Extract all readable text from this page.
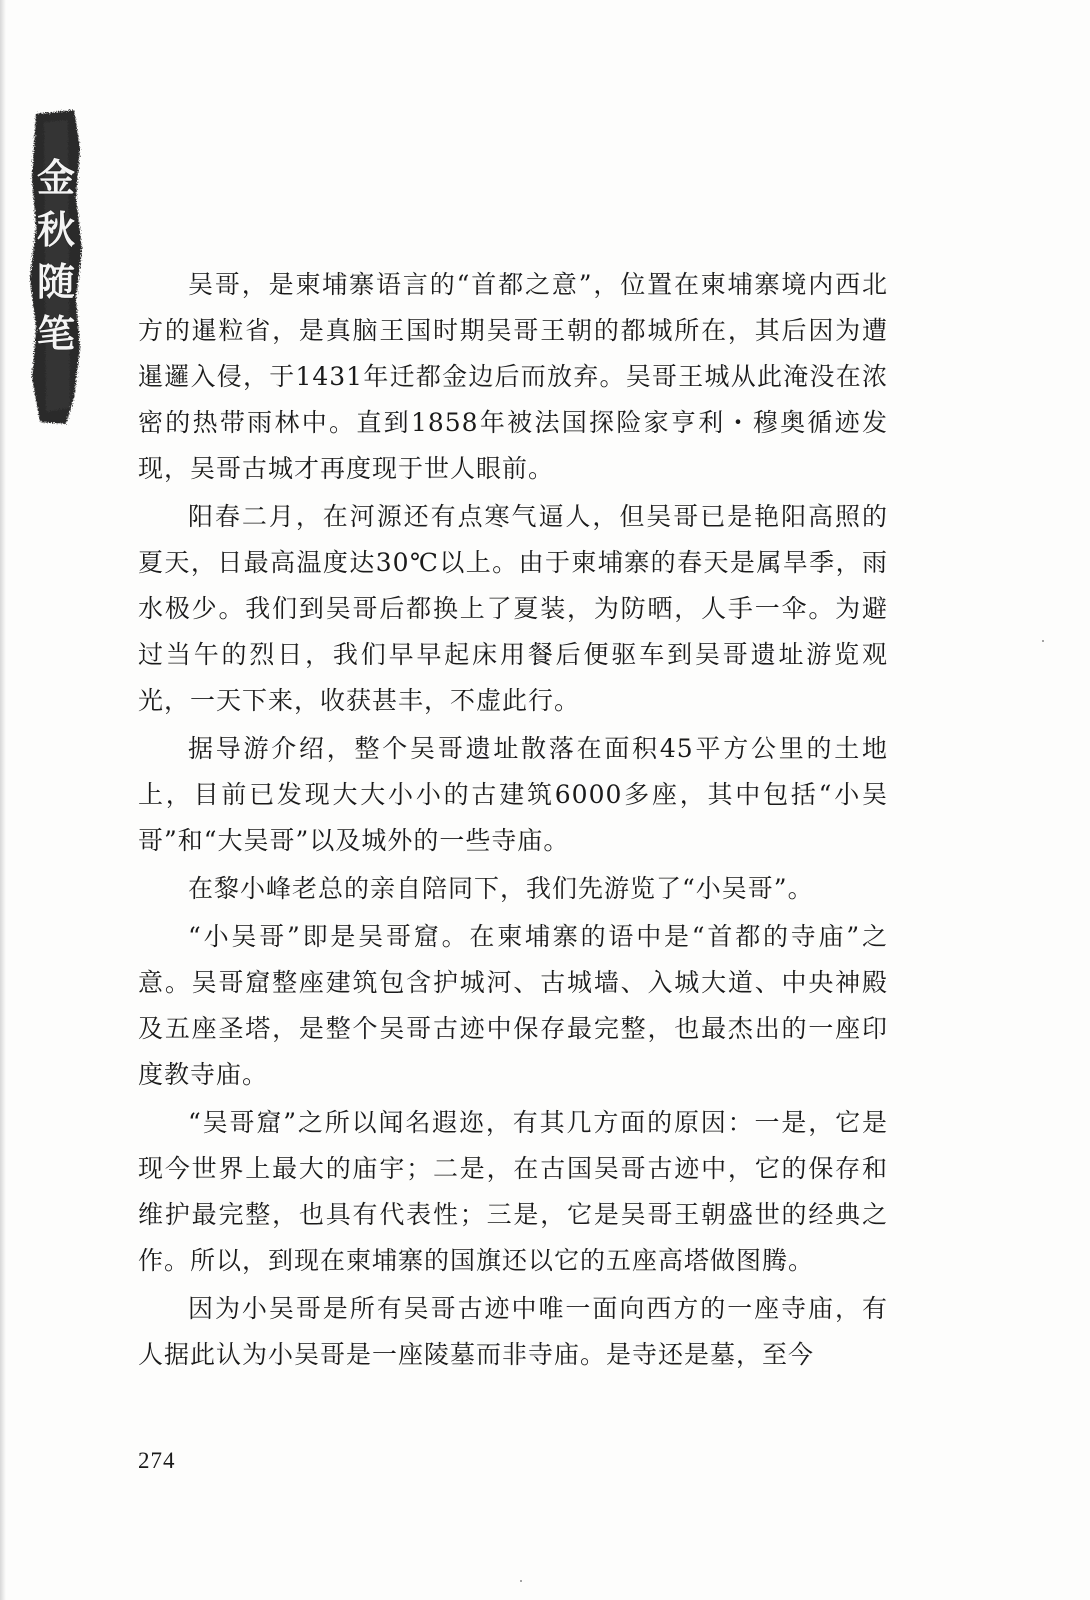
金
秋
随
笔

吴哥，是柬埔寨语言的“首都之意”，位置在柬埔寨境内西北方的暹粒省，是真脑王国时期吴哥王朝的都城所在，其后因为遭暹邏入侵，于1431年迁都金边后而放弃。吴哥王城从此淹没在浓密的热带雨林中。直到1858年被法国探险家亨利・穆奥循迹发现，吴哥古城才再度现于世人眼前。

阳春二月，在河源还有点寒气逼人，但吴哥已是艳阳高照的夏天，日最高温度达30℃以上。由于柬埔寨的春天是属旱季，雨水极少。我们到吴哥后都换上了夏装，为防晒，人手一伞。为避过当午的烈日，我们早早起床用餐后便驱车到吴哥遗址游览观光，一天下来，收获甚丰，不虚此行。

据导游介绍，整个吴哥遗址散落在面积45平方公里的土地上，目前已发现大大小小的古建筑6000多座，其中包括“小吴哥”和“大吴哥”以及城外的一些寺庙。

在黎小峰老总的亲自陪同下，我们先游览了“小吴哥”。

“小吴哥”即是吴哥窟。在柬埔寨的语中是“首都的寺庙”之意。吴哥窟整座建筑包含护城河、古城墙、入城大道、中央神殿及五座圣塔，是整个吴哥古迹中保存最完整，也最杰出的一座印度教寺庙。

“吴哥窟”之所以闻名遐迩，有其几方面的原因：一是，它是现今世界上最大的庙宇；二是，在古国吴哥古迹中，它的保存和维护最完整，也具有代表性；三是，它是吴哥王朝盛世的经典之作。所以，到现在柬埔寨的国旗还以它的五座高塔做图腾。

因为小吴哥是所有吴哥古迹中唯一面向西方的一座寺庙，有人据此认为小吴哥是一座陵墓而非寺庙。是寺还是墓，至今

274
